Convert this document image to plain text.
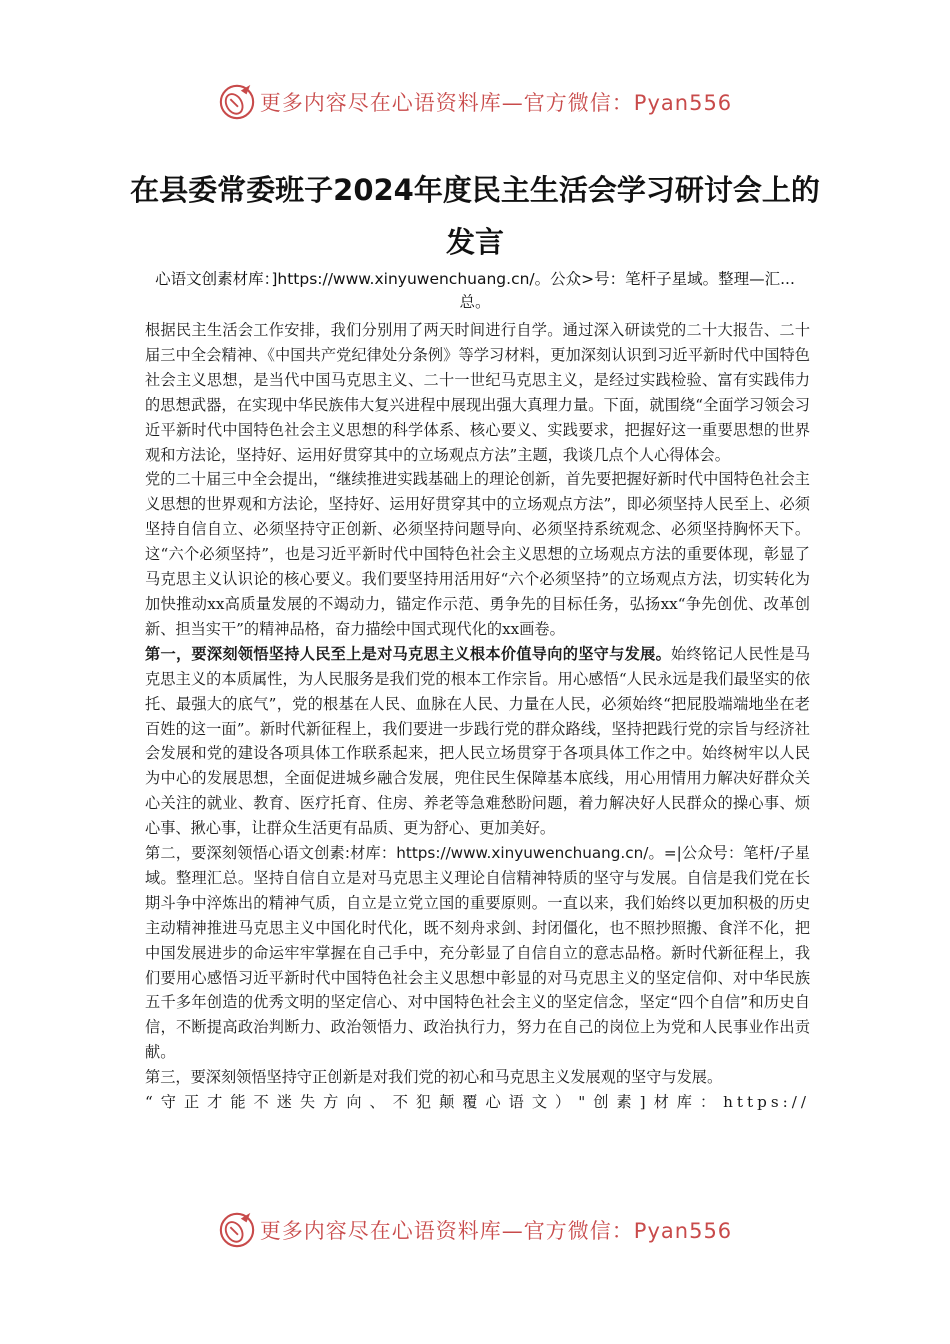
更多内容尽在心语资料库—官方微信：Pyan556
在县委常委班子2024年度民主生活会学习研讨会上的发言
心语文创素材库：]https://www.xinyuwenchuang.cn/。公众>号：笔杆子星域。整理—汇...总。

根据民主生活会工作安排，我们分别用了两天时间进行自学。通过深入研读党的二十大报告、二十届三中全会精神、《中国共产党纪律处分条例》等学习材料，更加深刻认识到习近平新时代中国特色社会主义思想，是当代中国马克思主义、二十一世纪马克思主义，是经过实践检验、富有实践伟力的思想武器，在实现中华民族伟大复兴进程中展现出强大真理力量。下面，就围绕“全面学习领会习近平新时代中国特色社会主义思想的科学体系、核心要义、实践要求，把握好这一重要思想的世界观和方法论，坚持好、运用好贯穿其中的立场观点方法”主题，我谈几点个人心得体会。

党的二十届三中全会提出，“继续推进实践基础上的理论创新，首先要把握好新时代中国特色社会主义思想的世界观和方法论，坚持好、运用好贯穿其中的立场观点方法”，即必须坚持人民至上、必须坚持自信自立、必须坚持守正创新、必须坚持问题导向、必须坚持系统观念、必须坚持胸怀天下。这“六个必须坚持”，也是习近平新时代中国特色社会主义思想的立场观点方法的重要体现，彰显了马克思主义认识论的核心要义。我们要坚持用活用好“六个必须坚持”的立场观点方法，切实转化为加快推动xx高质量发展的不竭动力，锚定作示范、勇争先的目标任务，弘扬xx“争先创优、改革创新、担当实干”的精神品格，奋力描绘中国式现代化的xx画卷。

第一，要深刻领悟坚持人民至上是对马克思主义根本价值导向的坚守与发展。始终铭记人民性是马克思主义的本质属性，为人民服务是我们党的根本工作宗旨。用心感悟“人民永远是我们最坚实的依托、最强大的底气”，党的根基在人民、血脉在人民、力量在人民，必须始终“把屁股端端地坐在老百姓的这一面”。新时代新征程上，我们要进一步践行党的群众路线，坚持把践行党的宗旨与经济社会发展和党的建设各项具体工作联系起来，把人民立场贯穿于各项具体工作之中。始终树牢以人民为中心的发展思想，全面促进城乡融合发展，兜住民生保障基本底线，用心用情用力解决好群众关心关注的就业、教育、医疗托育、住房、养老等急难愁盼问题，着力解决好人民群众的操心事、烦心事、揪心事，让群众生活更有品质、更为舒心、更加美好。

第二，要深刻领悟心语文创素:材库：https://www.xinyuwenchuang.cn/。=|公众号：笔杆/子星域。整理汇总。坚持自信自立是对马克思主义理论自信精神特质的坚守与发展。自信是我们党在长期斗争中淬炼出的精神气质，自立是立党立国的重要原则。一直以来，我们始终以更加积极的历史主动精神推进马克思主义中国化时代化，既不刻舟求剑、封闭僵化，也不照抄照搬、食洋不化，把中国发展进步的命运牢牢掌握在自己手中，充分彰显了自信自立的意志品格。新时代新征程上，我们要用心感悟习近平新时代中国特色社会主义思想中彰显的对马克思主义的坚定信仰、对中华民族五千多年创造的优秀文明的坚定信心、对中国特色社会主义的坚定信念，坚定“四个自信”和历史自信，不断提高政治判断力、政治领悟力、政治执行力，努力在自己的岗位上为党和人民事业作出贡献。

第三，要深刻领悟坚持守正创新是对我们党的初心和马克思主义发展观的坚守与发展。

“守正才能不迷失方向、不犯颠覆心语文）"创素]材库：https://

更多内容尽在心语资料库—官方微信：Pyan556
